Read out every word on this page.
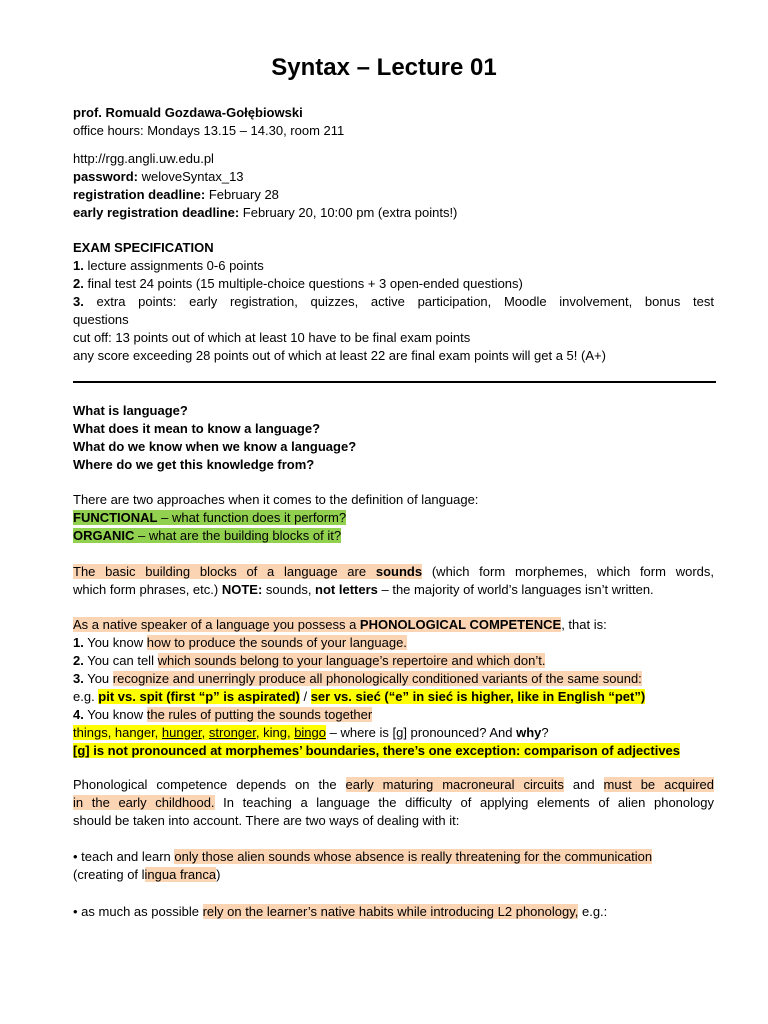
Syntax – Lecture 01
prof. Romuald Gozdawa-Gołębiowski
office hours: Mondays 13.15 – 14.30, room 211
http://rgg.angli.uw.edu.pl
password: weloveSyntax_13
registration deadline: February 28
early registration deadline: February 20, 10:00 pm (extra points!)
EXAM SPECIFICATION
1. lecture assignments 0-6 points
2. final test 24 points (15 multiple-choice questions + 3 open-ended questions)
3. extra points: early registration, quizzes, active participation, Moodle involvement, bonus test
questions
cut off: 13 points out of which at least 10 have to be final exam points
any score exceeding 28 points out of which at least 22 are final exam points will get a 5! (A+)
What is language?
What does it mean to know a language?
What do we know when we know a language?
Where do we get this knowledge from?
There are two approaches when it comes to the definition of language:
FUNCTIONAL – what function does it perform?
ORGANIC – what are the building blocks of it?
The basic building blocks of a language are sounds (which form morphemes, which form words,
which form phrases, etc.) NOTE: sounds, not letters – the majority of world’s languages isn’t written.
As a native speaker of a language you possess a PHONOLOGICAL COMPETENCE, that is:
1. You know how to produce the sounds of your language.
2. You can tell which sounds belong to your language’s repertoire and which don’t.
3. You recognize and unerringly produce all phonologically conditioned variants of the same sound:
e.g. pit vs. spit (first “p” is aspirated) / ser vs. sieć (“e” in sieć is higher, like in English “pet”)
4. You know the rules of putting the sounds together
things, hanger, hunger, stronger, king, bingo – where is [g] pronounced? And why?
[g] is not pronounced at morphemes’ boundaries, there’s one exception: comparison of adjectives
Phonological competence depends on the early maturing macroneural circuits and must be acquired
in the early childhood. In teaching a language the difficulty of applying elements of alien phonology
should be taken into account. There are two ways of dealing with it:
• teach and learn only those alien sounds whose absence is really threatening for the communication
(creating of lingua franca)
• as much as possible rely on the learner’s native habits while introducing L2 phonology, e.g.:
